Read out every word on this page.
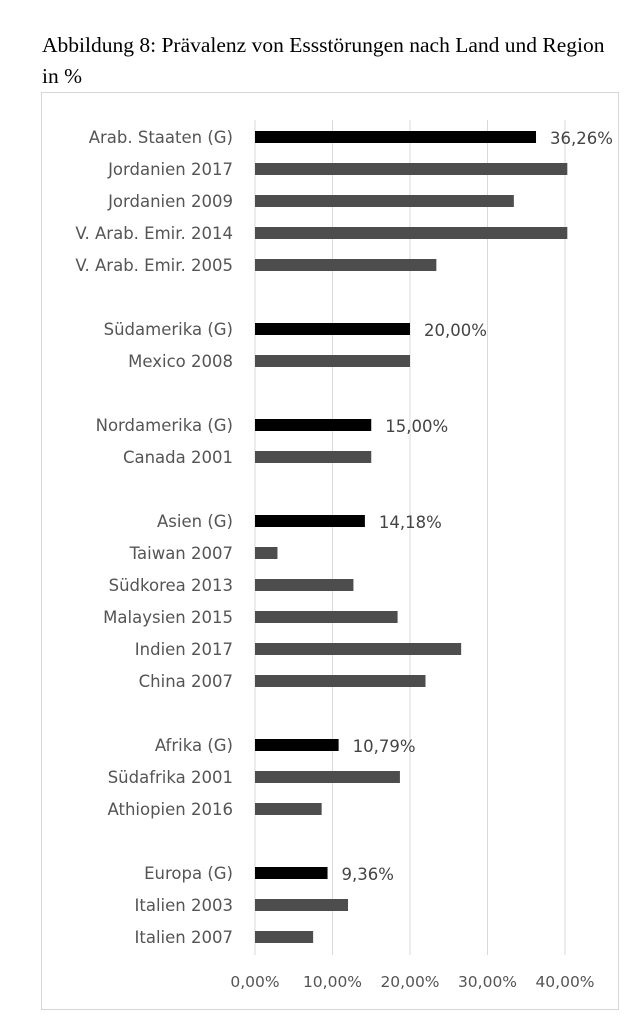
Abbildung 8: Prävalenz von Essstörungen nach Land und Region in %
0,00% 10,00% 20,00% 30,00% 40,00%
Arab. Staaten (G)	36,26%
Jordanien 2017
Jordanien 2009
V. Arab. Emir. 2014
V. Arab. Emir. 2005
Südamerika (G)	20,00%
Mexico 2008
Nordamerika (G)	15,00%
Canada 2001
Asien (G)	14,18%
Taiwan 2007
Südkorea 2013
Malaysien 2015
Indien 2017
China 2007
Afrika (G)	10,79%
Südafrika 2001
Athiopien 2016
Europa (G)	9,36%
Italien 2003
Italien 2007
